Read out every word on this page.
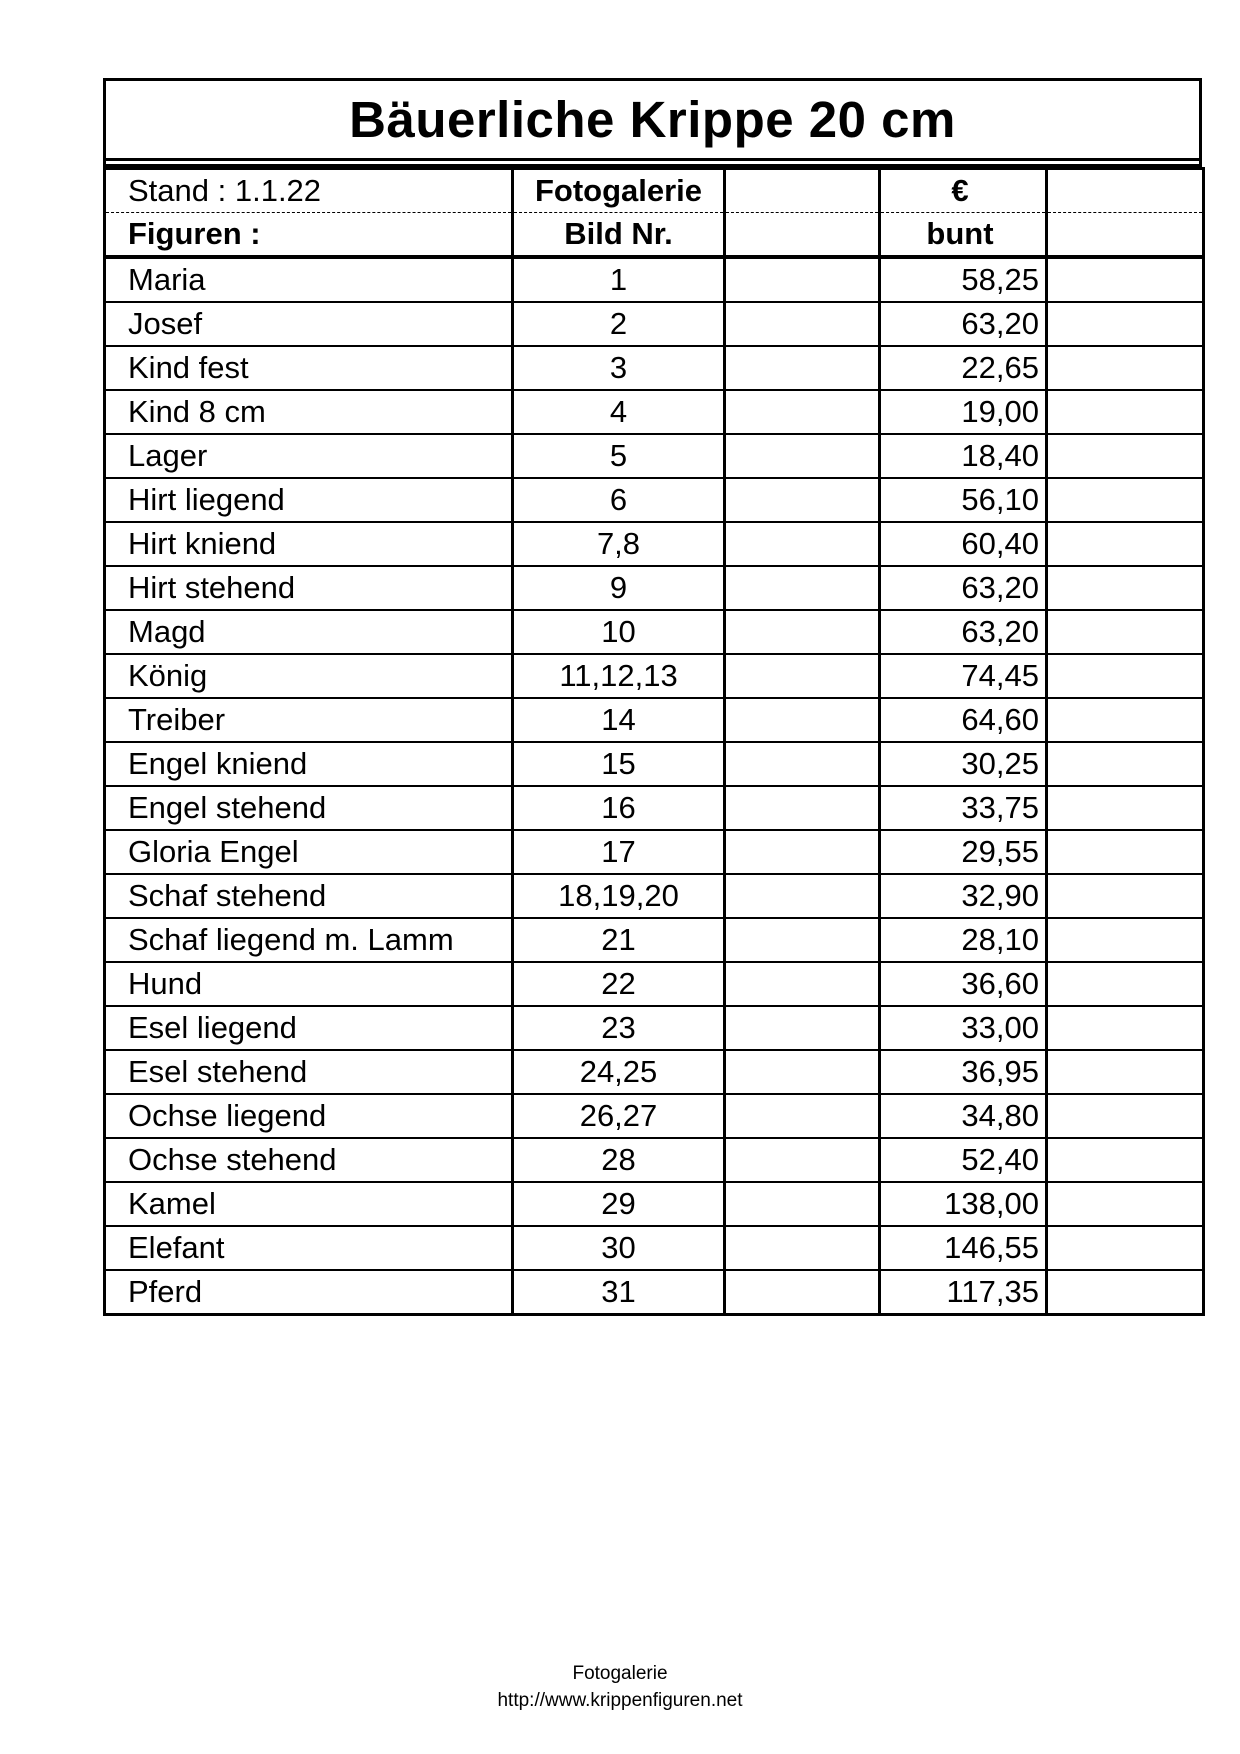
Bäuerliche Krippe 20 cm
Stand : 1.1.22	Fotogalerie		€	
Figuren :	Bild Nr.		bunt	
Maria	1		58,25	
Josef	2		63,20	
Kind fest	3		22,65	
Kind 8 cm	4		19,00	
Lager	5		18,40	
Hirt liegend	6		56,10	
Hirt kniend	7,8		60,40	
Hirt stehend	9		63,20	
Magd	10		63,20	
König	11,12,13		74,45	
Treiber	14		64,60	
Engel kniend	15		30,25	
Engel stehend	16		33,75	
Gloria Engel	17		29,55	
Schaf stehend	18,19,20		32,90	
Schaf liegend m. Lamm	21		28,10	
Hund	22		36,60	
Esel liegend	23		33,00	
Esel stehend	24,25		36,95	
Ochse liegend	26,27		34,80	
Ochse stehend	28		52,40	
Kamel	29		138,00	
Elefant	30		146,55	
Pferd	31		117,35	
Fotogalerie
http://www.krippenfiguren.net
